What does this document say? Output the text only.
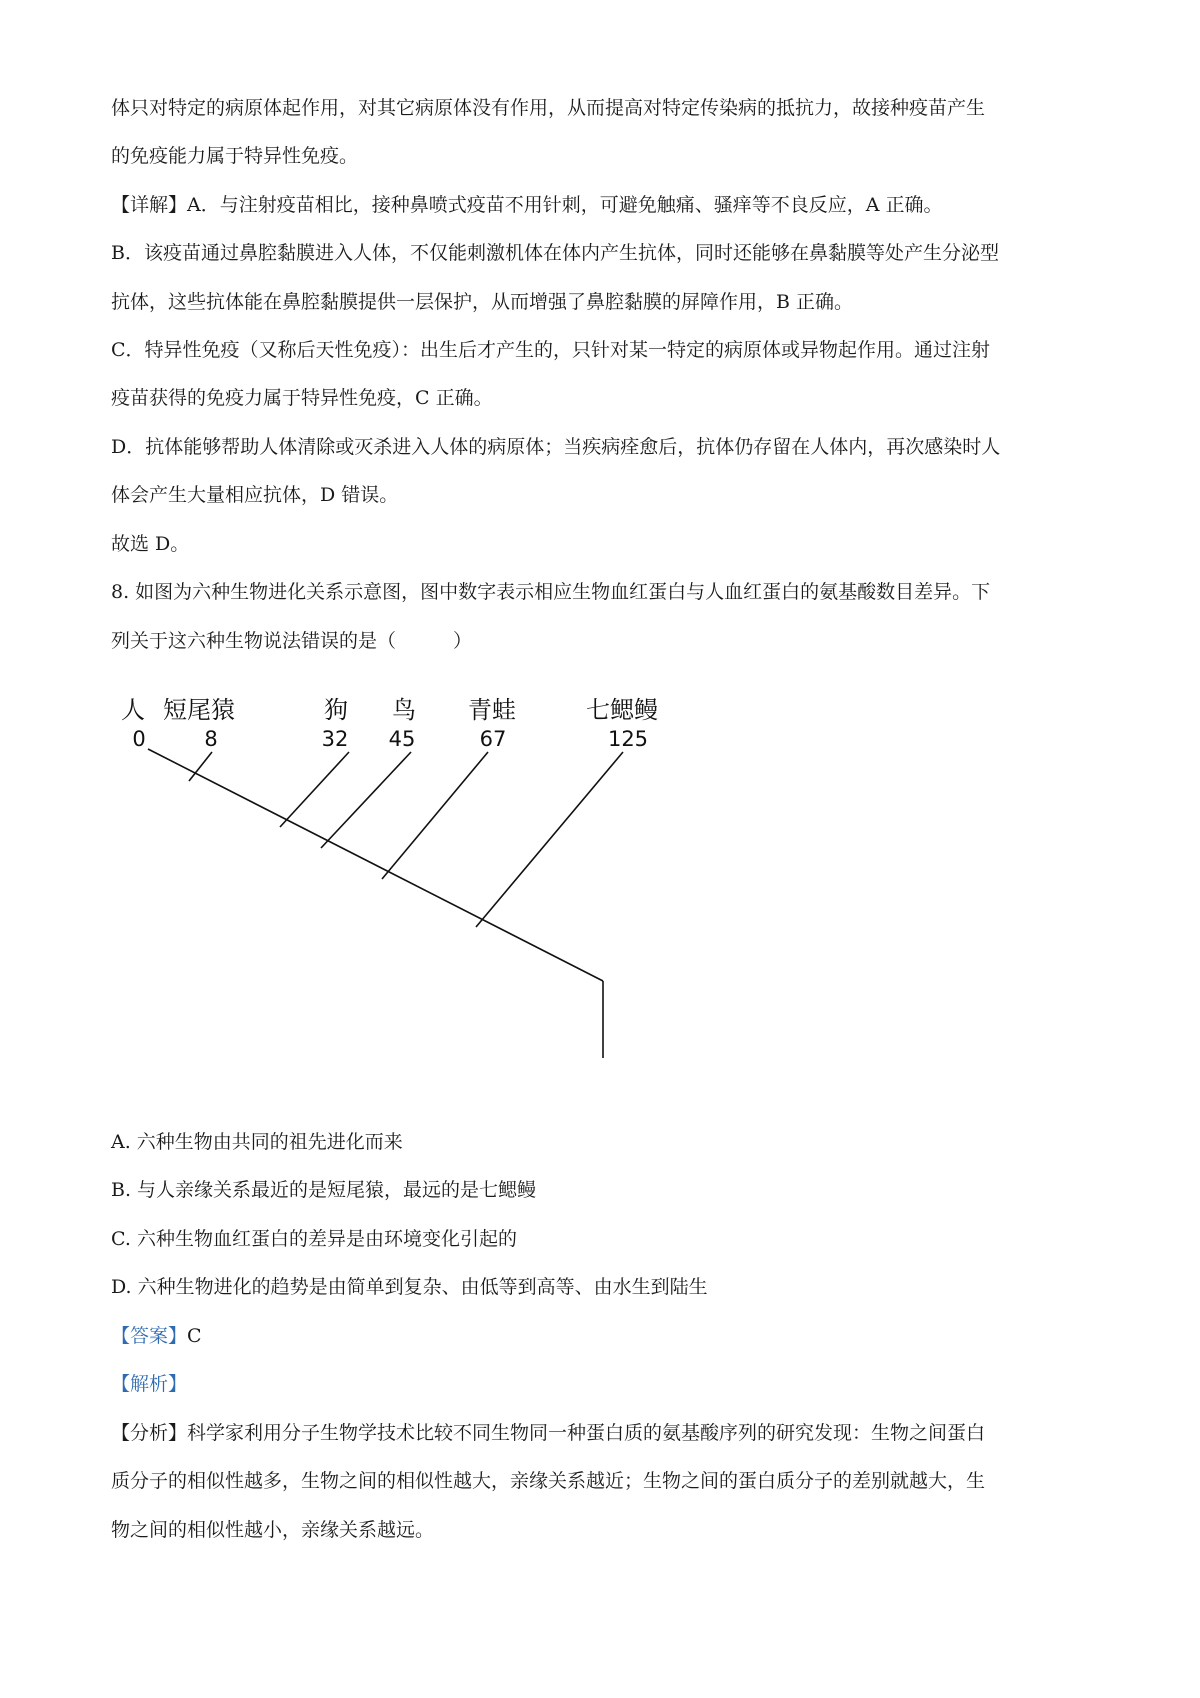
体只对特定的病原体起作用，对其它病原体没有作用，从而提高对特定传染病的抵抗力，故接种疫苗产生
的免疫能力属于特异性免疫。
【详解】A．与注射疫苗相比，接种鼻喷式疫苗不用针刺，可避免触痛、骚痒等不良反应，A 正确。
B．该疫苗通过鼻腔黏膜进入人体，不仅能刺激机体在体内产生抗体，同时还能够在鼻黏膜等处产生分泌型
抗体，这些抗体能在鼻腔黏膜提供一层保护，从而增强了鼻腔黏膜的屏障作用，B 正确。
C．特异性免疫（又称后天性免疫）：出生后才产生的，只针对某一特定的病原体或异物起作用。通过注射
疫苗获得的免疫力属于特异性免疫，C 正确。
D．抗体能够帮助人体清除或灭杀进入人体的病原体；当疾病痊愈后，抗体仍存留在人体内，再次感染时人
体会产生大量相应抗体，D 错误。
故选 D。
8. 如图为六种生物进化关系示意图，图中数字表示相应生物血红蛋白与人血红蛋白的氨基酸数目差异。下
列关于这六种生物说法错误的是（　　　）
人 短尾猿	狗 鸟 青蛙	七鳃鳗
0	8	32 45	67	125
A. 六种生物由共同的祖先进化而来
B. 与人亲缘关系最近的是短尾猿，最远的是七鳃鳗
C. 六种生物血红蛋白的差异是由环境变化引起的
D. 六种生物进化的趋势是由简单到复杂、由低等到高等、由水生到陆生
【答案】C
【解析】
【分析】科学家利用分子生物学技术比较不同生物同一种蛋白质的氨基酸序列的研究发现：生物之间蛋白
质分子的相似性越多，生物之间的相似性越大，亲缘关系越近；生物之间的蛋白质分子的差别就越大，生
物之间的相似性越小，亲缘关系越远。
